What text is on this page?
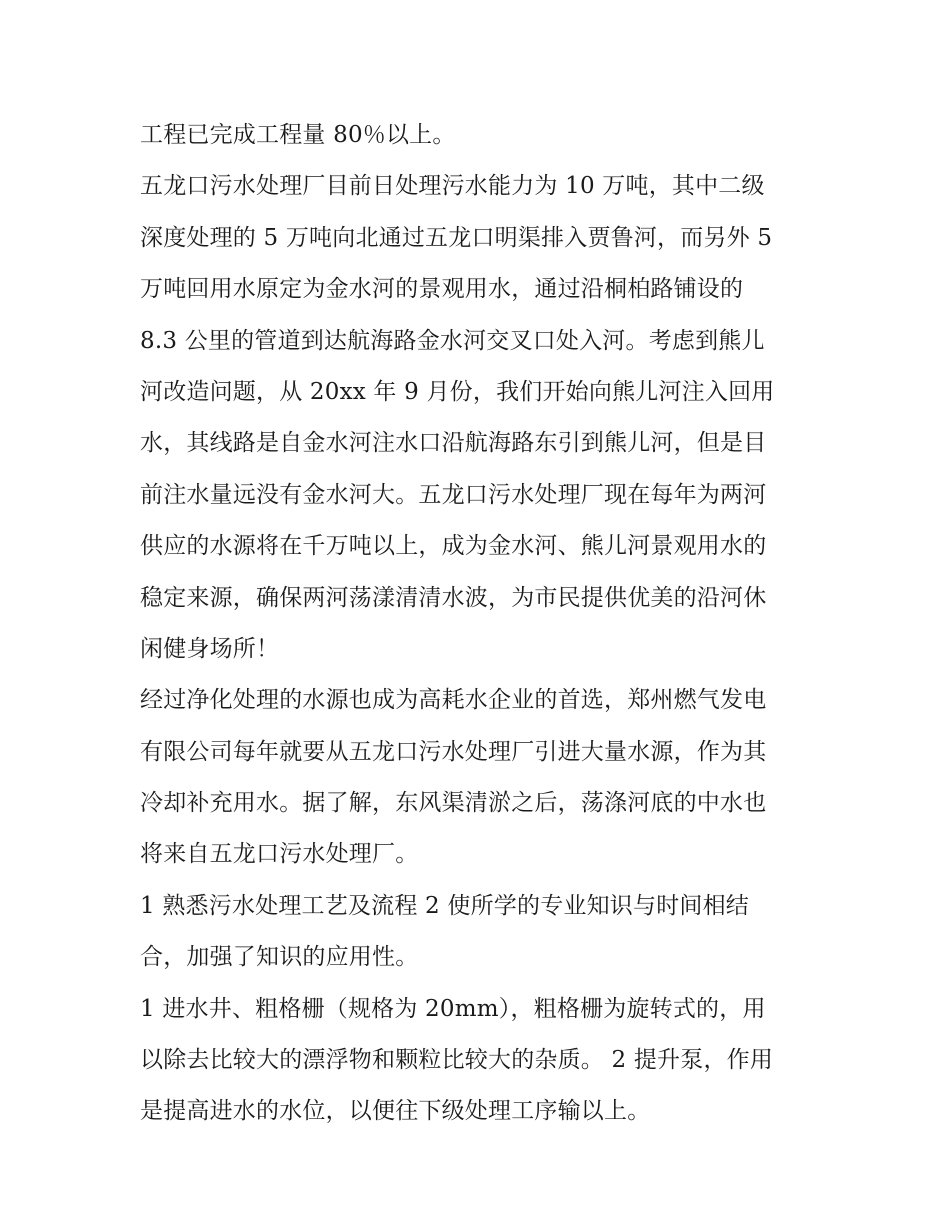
工程已完成工程量 80％以上。
五龙口污水处理厂目前日处理污水能力为 10 万吨，其中二级
深度处理的 5 万吨向北通过五龙口明渠排入贾鲁河，而另外 5
万吨回用水原定为金水河的景观用水，通过沿桐柏路铺设的
8.3 公里的管道到达航海路金水河交叉口处入河。考虑到熊儿
河改造问题，从 20xx 年 9 月份，我们开始向熊儿河注入回用
水，其线路是自金水河注水口沿航海路东引到熊儿河，但是目
前注水量远没有金水河大。五龙口污水处理厂现在每年为两河
供应的水源将在千万吨以上，成为金水河、熊儿河景观用水的
稳定来源，确保两河荡漾清清水波，为市民提供优美的沿河休
闲健身场所！
经过净化处理的水源也成为高耗水企业的首选，郑州燃气发电
有限公司每年就要从五龙口污水处理厂引进大量水源，作为其
冷却补充用水。据了解，东风渠清淤之后，荡涤河底的中水也
将来自五龙口污水处理厂。
1 熟悉污水处理工艺及流程 2 使所学的专业知识与时间相结
合，加强了知识的应用性。
1 进水井、粗格栅（规格为 20mm），粗格栅为旋转式的，用
以除去比较大的漂浮物和颗粒比较大的杂质。 2 提升泵，作用
是提高进水的水位，以便往下级处理工序输以上。
